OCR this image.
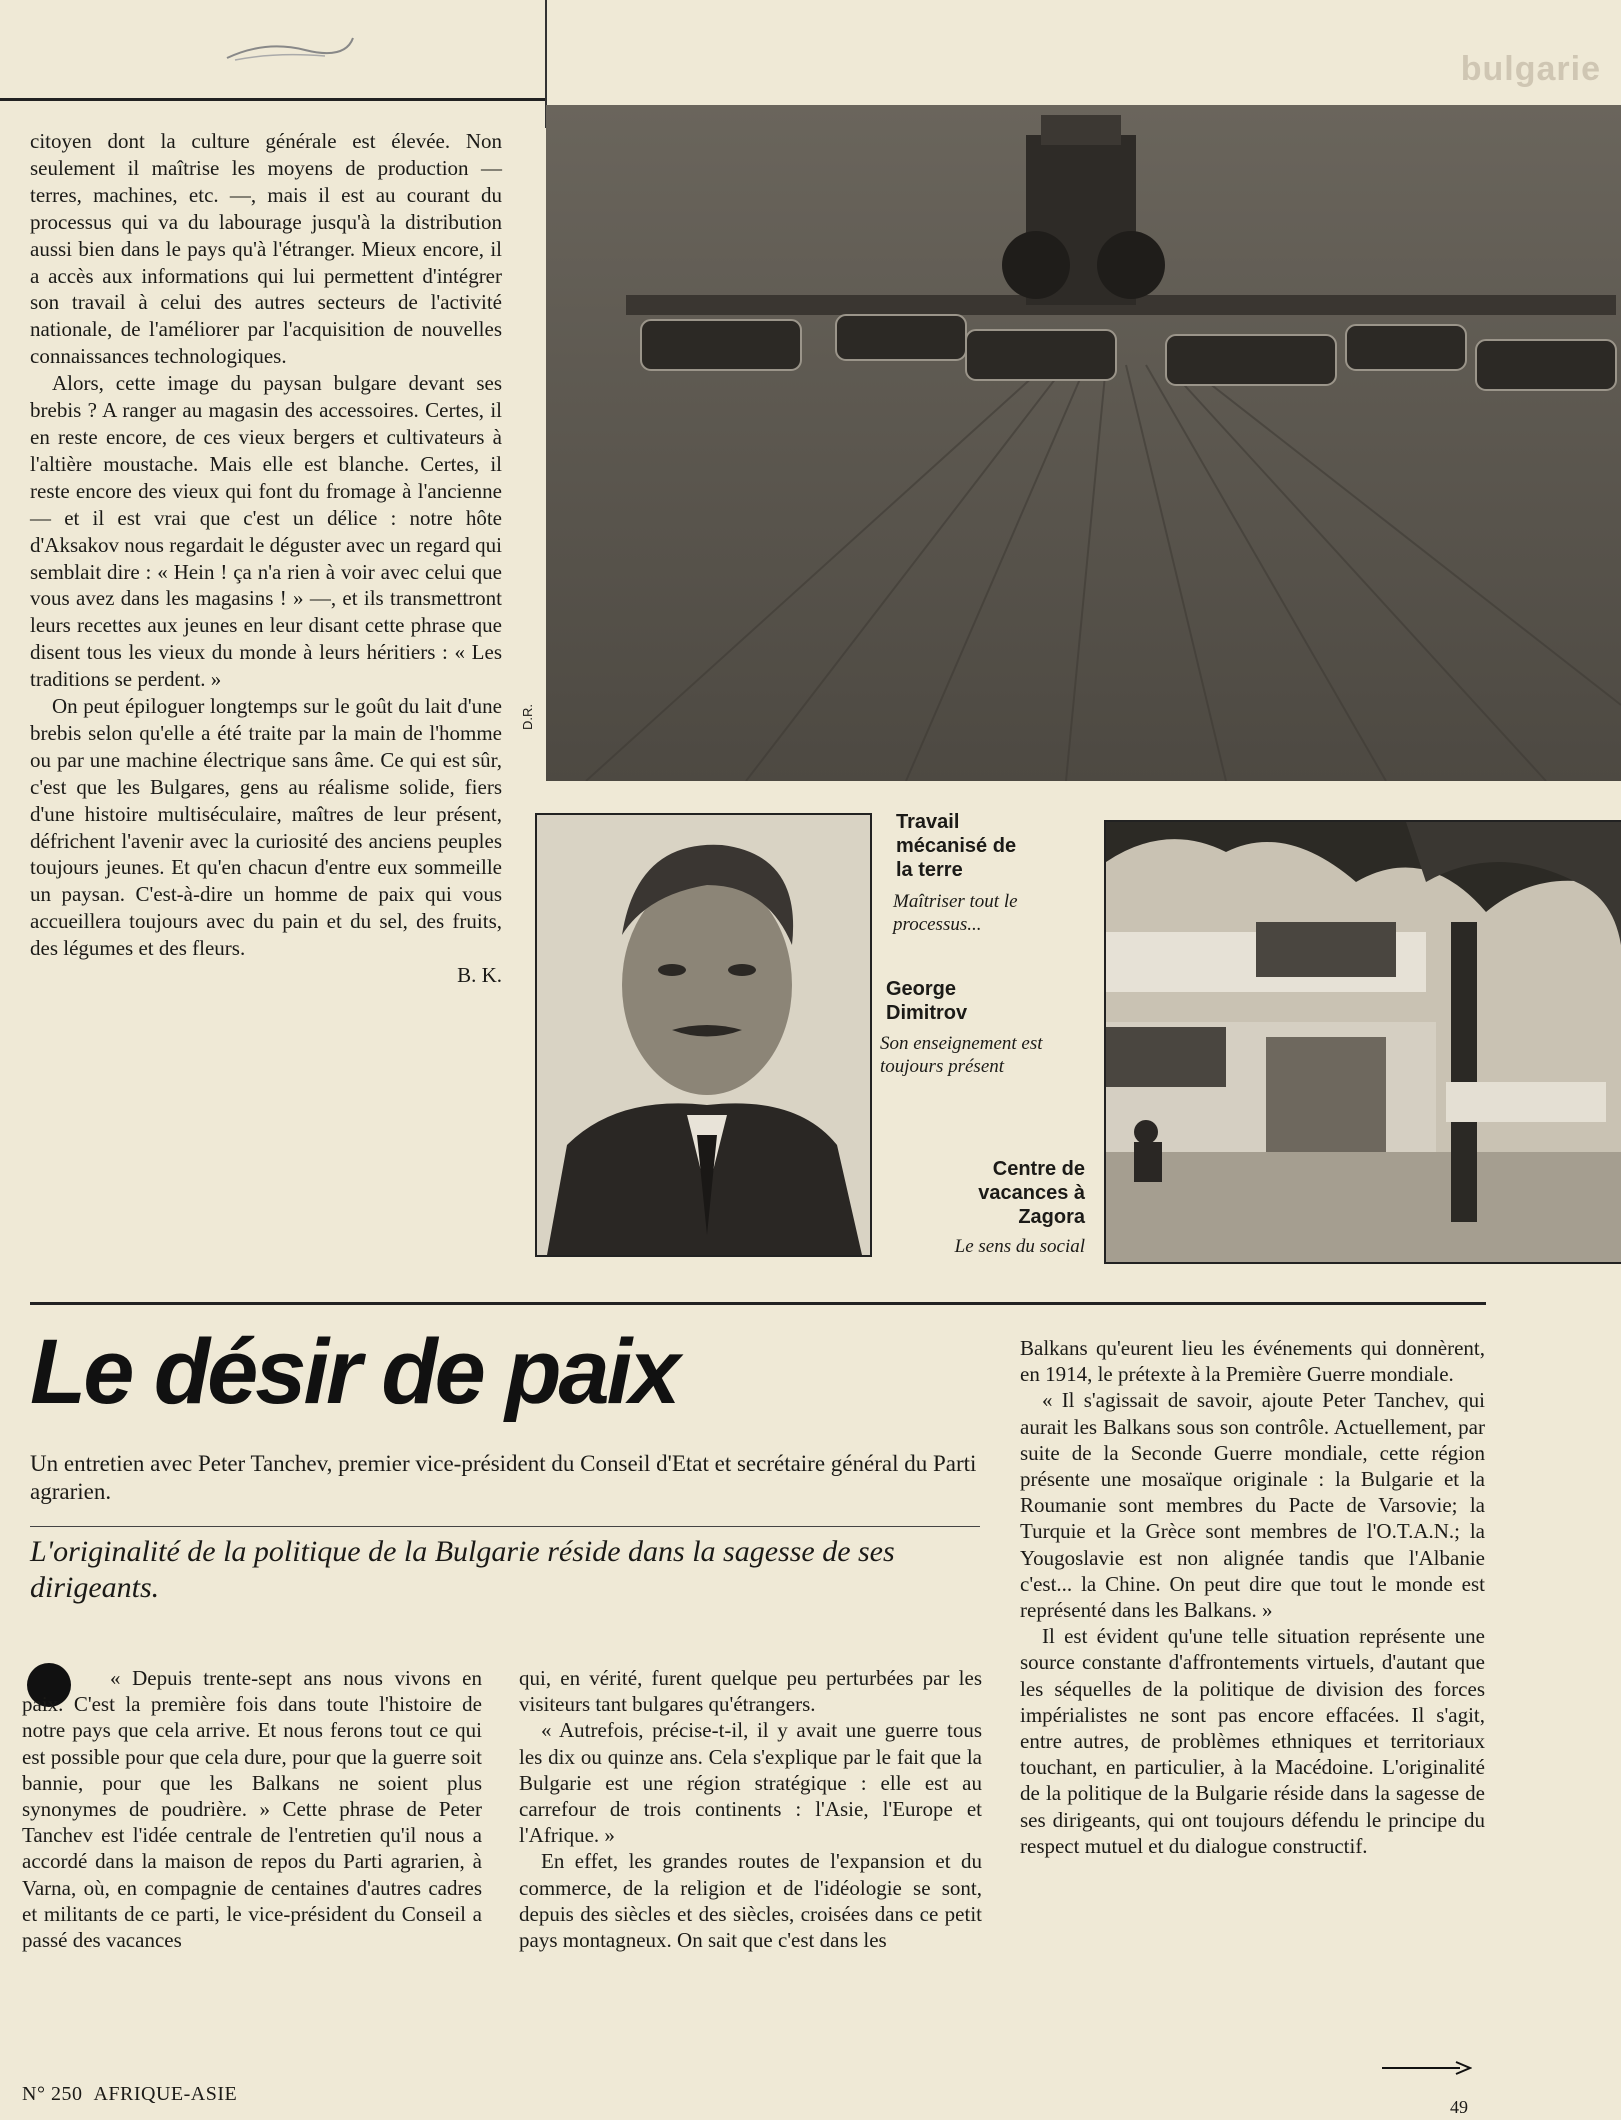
bulgarie

citoyen dont la culture générale est élevée. Non seulement il maîtrise les moyens de production — terres, machines, etc. —, mais il est au courant du processus qui va du labourage jusqu'à la distribution aussi bien dans le pays qu'à l'étranger. Mieux encore, il a accès aux informations qui lui permettent d'intégrer son travail à celui des autres secteurs de l'activité nationale, de l'améliorer par l'acquisition de nouvelles connaissances technologiques.

Alors, cette image du paysan bulgare devant ses brebis ? A ranger au magasin des accessoires. Certes, il en reste encore, de ces vieux bergers et cultivateurs à l'altière moustache. Mais elle est blanche. Certes, il reste encore des vieux qui font du fromage à l'ancienne — et il est vrai que c'est un délice : notre hôte d'Aksakov nous regardait le déguster avec un regard qui semblait dire : « Hein ! ça n'a rien à voir avec celui que vous avez dans les magasins ! » —, et ils transmettront leurs recettes aux jeunes en leur disant cette phrase que disent tous les vieux du monde à leurs héritiers : « Les traditions se perdent. »

On peut épiloguer longtemps sur le goût du lait d'une brebis selon qu'elle a été traite par la main de l'homme ou par une machine électrique sans âme. Ce qui est sûr, c'est que les Bulgares, gens au réalisme solide, fiers d'une histoire multiséculaire, maîtres de leur présent, défrichent l'avenir avec la curiosité des anciens peuples toujours jeunes. Et qu'en chacun d'entre eux sommeille un paysan. C'est-à-dire un homme de paix qui vous accueillera toujours avec du pain et du sel, des fruits, des légumes et des fleurs.

B. K.
D.R.
Travail mécanisé de la terre
Maîtriser tout le processus...
George Dimitrov
Son enseignement est toujours présent
Centre de vacances à Zagora
Le sens du social
Le désir de paix
Un entretien avec Peter Tanchev, premier vice-président du Conseil d'Etat et secrétaire général du Parti agrarien.
L'originalité de la politique de la Bulgarie réside dans la sagesse de ses dirigeants.

« Depuis trente-sept ans nous vivons en paix. C'est la première fois dans toute l'histoire de notre pays que cela arrive. Et nous ferons tout ce qui est possible pour que cela dure, pour que la guerre soit bannie, pour que les Balkans ne soient plus synonymes de poudrière. » Cette phrase de Peter Tanchev est l'idée centrale de l'entretien qu'il nous a accordé dans la maison de repos du Parti agrarien, à Varna, où, en compagnie de centaines d'autres cadres et militants de ce parti, le vice-président du Conseil a passé des vacances

qui, en vérité, furent quelque peu perturbées par les visiteurs tant bulgares qu'étrangers.

« Autrefois, précise-t-il, il y avait une guerre tous les dix ou quinze ans. Cela s'explique par le fait que la Bulgarie est une région stratégique : elle est au carrefour de trois continents : l'Asie, l'Europe et l'Afrique. »

En effet, les grandes routes de l'expansion et du commerce, de la religion et de l'idéologie se sont, depuis des siècles et des siècles, croisées dans ce petit pays montagneux. On sait que c'est dans les

Balkans qu'eurent lieu les événements qui donnèrent, en 1914, le prétexte à la Première Guerre mondiale.

« Il s'agissait de savoir, ajoute Peter Tanchev, qui aurait les Balkans sous son contrôle. Actuellement, par suite de la Seconde Guerre mondiale, cette région présente une mosaïque originale : la Bulgarie et la Roumanie sont membres du Pacte de Varsovie; la Turquie et la Grèce sont membres de l'O.T.A.N.; la Yougoslavie est non alignée tandis que l'Albanie c'est... la Chine. On peut dire que tout le monde est représenté dans les Balkans. »

Il est évident qu'une telle situation représente une source constante d'affrontements virtuels, d'autant que les séquelles de la politique de division des forces impérialistes ne sont pas encore effacées. Il s'agit, entre autres, de problèmes ethniques et territoriaux touchant, en particulier, à la Macédoine. L'originalité de la politique de la Bulgarie réside dans la sagesse de ses dirigeants, qui ont toujours défendu le principe du respect mutuel et du dialogue constructif.

N° 250 AFRIQUE-ASIE
49
